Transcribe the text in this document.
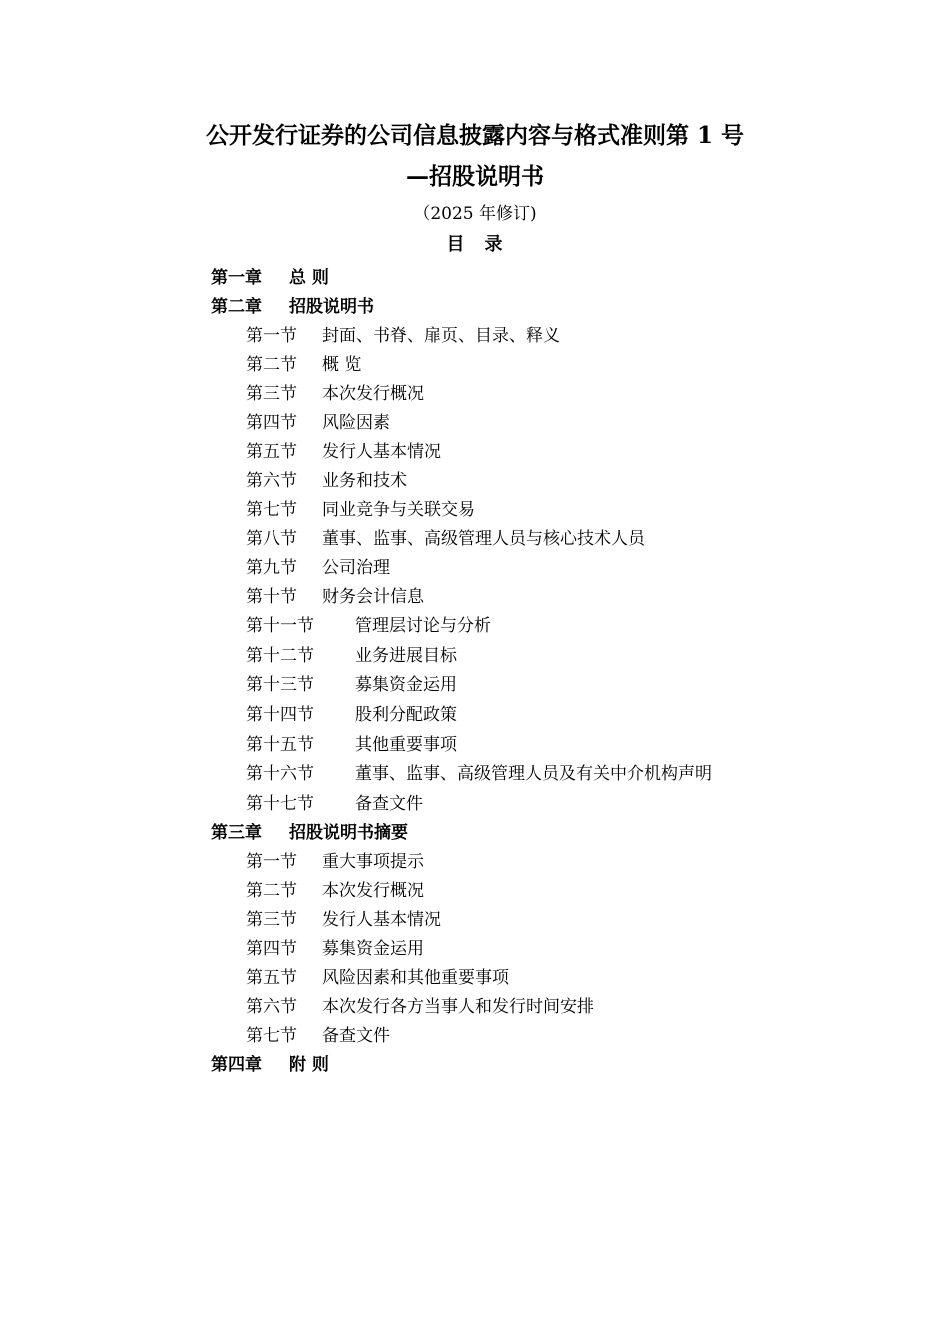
公开发行证券的公司信息披露内容与格式准则第 1 号
—招股说明书
（2025 年修订)
目　录
第一章	总 则
第二章	招股说明书
第一节	封面、书脊、扉页、目录、释义
第二节	概 览
第三节	本次发行概况
第四节	风险因素
第五节	发行人基本情况
第六节	业务和技术
第七节	同业竞争与关联交易
第八节	董事、监事、高级管理人员与核心技术人员
第九节	公司治理
第十节	财务会计信息
第十一节	管理层讨论与分析
第十二节	业务进展目标
第十三节	募集资金运用
第十四节	股利分配政策
第十五节	其他重要事项
第十六节	董事、监事、高级管理人员及有关中介机构声明
第十七节	备查文件
第三章	招股说明书摘要
第一节	重大事项提示
第二节	本次发行概况
第三节	发行人基本情况
第四节	募集资金运用
第五节	风险因素和其他重要事项
第六节	本次发行各方当事人和发行时间安排
第七节	备查文件
第四章	附 则
